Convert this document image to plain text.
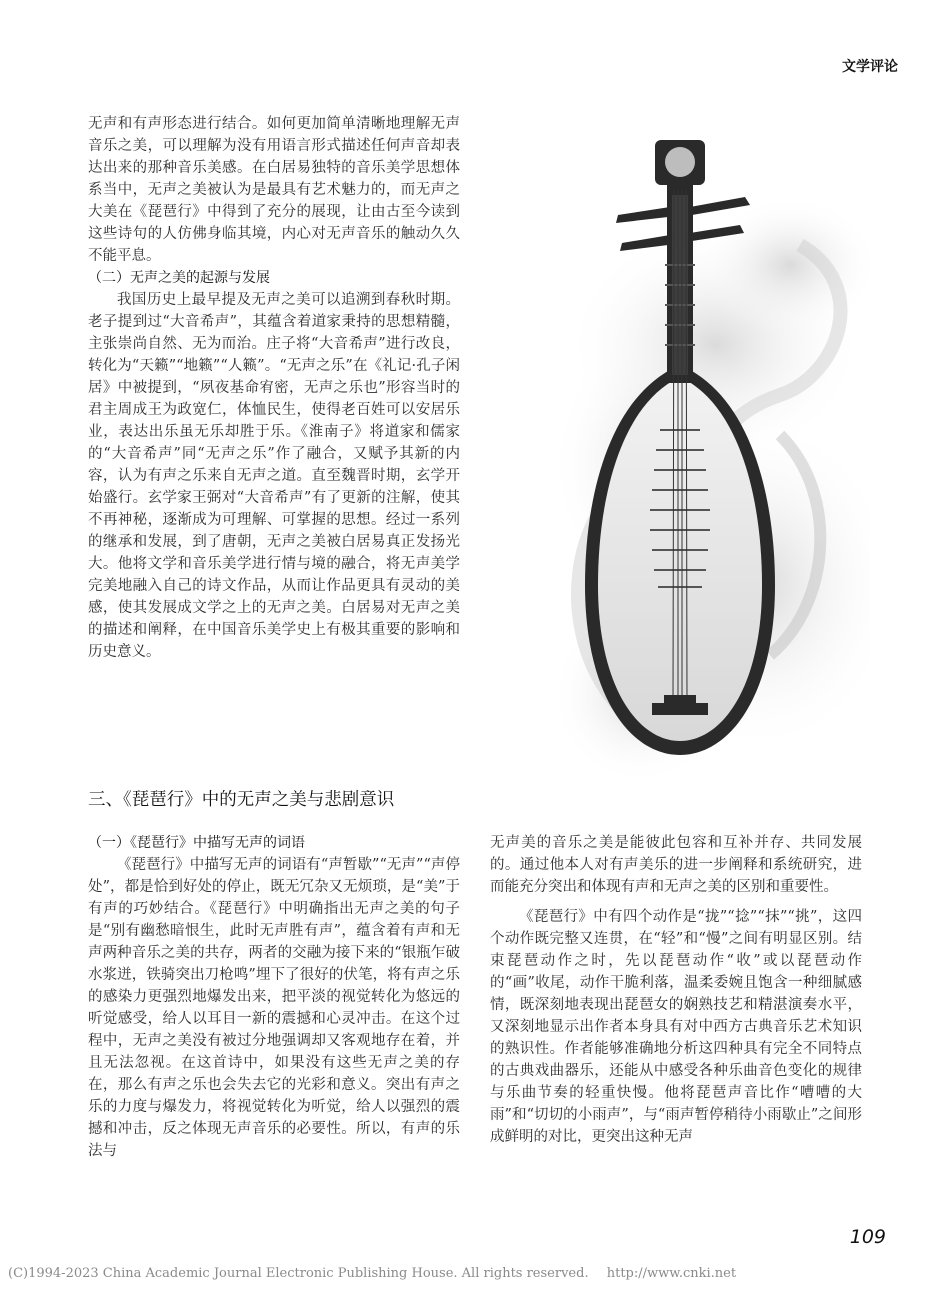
文学评论

无声和有声形态进行结合。如何更加简单清晰地理解无声音乐之美，可以理解为没有用语言形式描述任何声音却表达出来的那种音乐美感。在白居易独特的音乐美学思想体系当中，无声之美被认为是最具有艺术魅力的，而无声之大美在《琵琶行》中得到了充分的展现，让由古至今读到这些诗句的人仿佛身临其境，内心对无声音乐的触动久久不能平息。

（二）无声之美的起源与发展

我国历史上最早提及无声之美可以追溯到春秋时期。老子提到过“大音希声”，其蕴含着道家秉持的思想精髓，主张崇尚自然、无为而治。庄子将“大音希声”进行改良，转化为“天籁”“地籁”“人籁”。“无声之乐”在《礼记·孔子闲居》中被提到，“夙夜基命宥密，无声之乐也”形容当时的君主周成王为政宽仁，体恤民生，使得老百姓可以安居乐业，表达出乐虽无乐却胜于乐。《淮南子》将道家和儒家的“大音希声”同“无声之乐”作了融合，又赋予其新的内容，认为有声之乐来自无声之道。直至魏晋时期，玄学开始盛行。玄学家王弼对“大音希声”有了更新的注解，使其不再神秘，逐渐成为可理解、可掌握的思想。经过一系列的继承和发展，到了唐朝，无声之美被白居易真正发扬光大。他将文学和音乐美学进行情与境的融合，将无声美学完美地融入自己的诗文作品，从而让作品更具有灵动的美感，使其发展成文学之上的无声之美。白居易对无声之美的描述和阐释，在中国音乐美学史上有极其重要的影响和历史意义。

三、《琵琶行》中的无声之美与悲剧意识

（一）《琵琶行》中描写无声的词语

《琵琶行》中描写无声的词语有“声暂歇”“无声”“声停处”，都是恰到好处的停止，既无冗杂又无烦琐，是“美”于有声的巧妙结合。《琵琶行》中明确指出无声之美的句子是“别有幽愁暗恨生，此时无声胜有声”，蕴含着有声和无声两种音乐之美的共存，两者的交融为接下来的“银瓶乍破水浆迸，铁骑突出刀枪鸣”埋下了很好的伏笔，将有声之乐的感染力更强烈地爆发出来，把平淡的视觉转化为悠远的听觉感受，给人以耳目一新的震撼和心灵冲击。在这个过程中，无声之美没有被过分地强调却又客观地存在着，并且无法忽视。在这首诗中，如果没有这些无声之美的存在，那么有声之乐也会失去它的光彩和意义。突出有声之乐的力度与爆发力，将视觉转化为听觉，给人以强烈的震撼和冲击，反之体现无声音乐的必要性。所以，有声的乐法与

无声美的音乐之美是能彼此包容和互补并存、共同发展的。通过他本人对有声美乐的进一步阐释和系统研究，进而能充分突出和体现有声和无声之美的区别和重要性。

《琵琶行》中有四个动作是“拢”“捻”“抹”“挑”，这四个动作既完整又连贯，在“轻”和“慢”之间有明显区别。结束琵琶动作之时，先以琵琶动作“收”或以琵琶动作的“画”收尾，动作干脆利落，温柔委婉且饱含一种细腻感情，既深刻地表现出琵琶女的娴熟技艺和精湛演奏水平，又深刻地显示出作者本身具有对中西方古典音乐艺术知识的熟识性。作者能够准确地分析这四种具有完全不同特点的古典戏曲器乐，还能从中感受各种乐曲音色变化的规律与乐曲节奏的轻重快慢。他将琵琶声音比作“嘈嘈的大雨”和“切切的小雨声”，与“雨声暂停稍待小雨歇止”之间形成鲜明的对比，更突出这种无声

109
(C)1994-2023 China Academic Journal Electronic Publishing House. All rights reserved. http://www.cnki.net
